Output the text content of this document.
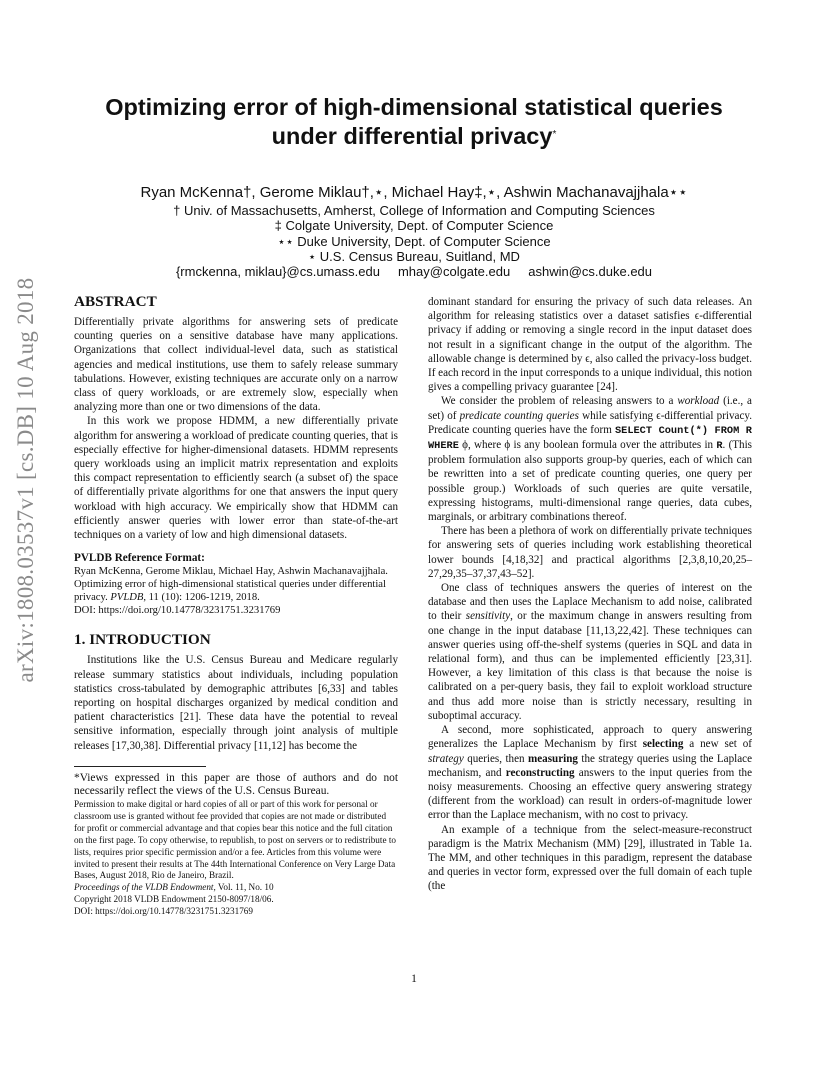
arXiv:1808.03537v1 [cs.DB] 10 Aug 2018
Optimizing error of high-dimensional statistical queries
under differential privacy*
Ryan McKenna†, Gerome Miklau†,⋆, Michael Hay‡,⋆, Ashwin Machanavajjhala⋆⋆
† Univ. of Massachusetts, Amherst, College of Information and Computing Sciences
‡ Colgate University, Dept. of Computer Science
⋆⋆ Duke University, Dept. of Computer Science
⋆ U.S. Census Bureau, Suitland, MD
{rmckenna, miklau}@cs.umass.edu     mhay@colgate.edu     ashwin@cs.duke.edu
ABSTRACT

Differentially private algorithms for answering sets of predicate counting queries on a sensitive database have many applications. Organizations that collect individual-level data, such as statistical agencies and medical institutions, use them to safely release summary tabulations. However, existing techniques are accurate only on a narrow class of query workloads, or are extremely slow, especially when analyzing more than one or two dimensions of the data.

In this work we propose HDMM, a new differentially private algorithm for answering a workload of predicate counting queries, that is especially effective for higher-dimensional datasets. HDMM represents query workloads using an implicit matrix representation and exploits this compact representation to efficiently search (a subset of) the space of differentially private algorithms for one that answers the input query workload with high accuracy. We empirically show that HDMM can efficiently answer queries with lower error than state-of-the-art techniques on a variety of low and high dimensional datasets.

PVLDB Reference Format:
Ryan McKenna, Gerome Miklau, Michael Hay, Ashwin Machanavajjhala. Optimizing error of high-dimensional statistical queries under differential privacy. PVLDB, 11 (10): 1206-1219, 2018.
DOI: https://doi.org/10.14778/3231751.3231769
1. INTRODUCTION

Institutions like the U.S. Census Bureau and Medicare regularly release summary statistics about individuals, including population statistics cross-tabulated by demographic attributes [6,33] and tables reporting on hospital discharges organized by medical condition and patient characteristics [21]. These data have the potential to reveal sensitive information, especially through joint analysis of multiple releases [17,30,38]. Differential privacy [11,12] has become the

*Views expressed in this paper are those of authors and do not necessarily reflect the views of the U.S. Census Bureau.

Permission to make digital or hard copies of all or part of this work for personal or classroom use is granted without fee provided that copies are not made or distributed for profit or commercial advantage and that copies bear this notice and the full citation on the first page. To copy otherwise, to republish, to post on servers or to redistribute to lists, requires prior specific permission and/or a fee. Articles from this volume were invited to present their results at The 44th International Conference on Very Large Data Bases, August 2018, Rio de Janeiro, Brazil.

Proceedings of the VLDB Endowment, Vol. 11, No. 10

Copyright 2018 VLDB Endowment 2150-8097/18/06.

DOI: https://doi.org/10.14778/3231751.3231769

dominant standard for ensuring the privacy of such data releases. An algorithm for releasing statistics over a dataset satisfies ϵ-differential privacy if adding or removing a single record in the input dataset does not result in a significant change in the output of the algorithm. The allowable change is determined by ϵ, also called the privacy-loss budget. If each record in the input corresponds to a unique individual, this notion gives a compelling privacy guarantee [24].

We consider the problem of releasing answers to a workload (i.e., a set) of predicate counting queries while satisfying ϵ-differential privacy. Predicate counting queries have the form SELECT Count(*) FROM R WHERE ϕ, where ϕ is any boolean formula over the attributes in R. (This problem formulation also supports group-by queries, each of which can be rewritten into a set of predicate counting queries, one query per possible group.) Workloads of such queries are quite versatile, expressing histograms, multi-dimensional range queries, data cubes, marginals, or arbitrary combinations thereof.

There has been a plethora of work on differentially private techniques for answering sets of queries including work establishing theoretical lower bounds [4,18,32] and practical algorithms [2,3,8,10,20,25–27,29,35–37,37,43–52].

One class of techniques answers the queries of interest on the database and then uses the Laplace Mechanism to add noise, calibrated to their sensitivity, or the maximum change in answers resulting from one change in the input database [11,13,22,42]. These techniques can answer queries using off-the-shelf systems (queries in SQL and data in relational form), and thus can be implemented efficiently [23,31]. However, a key limitation of this class is that because the noise is calibrated on a per-query basis, they fail to exploit workload structure and thus add more noise than is strictly necessary, resulting in suboptimal accuracy.

A second, more sophisticated, approach to query answering generalizes the Laplace Mechanism by first selecting a new set of strategy queries, then measuring the strategy queries using the Laplace mechanism, and reconstructing answers to the input queries from the noisy measurements. Choosing an effective query answering strategy (different from the workload) can result in orders-of-magnitude lower error than the Laplace mechanism, with no cost to privacy.

An example of a technique from the select-measure-reconstruct paradigm is the Matrix Mechanism (MM) [29], illustrated in Table 1a. The MM, and other techniques in this paradigm, represent the database and queries in vector form, expressed over the full domain of each tuple (the

1
